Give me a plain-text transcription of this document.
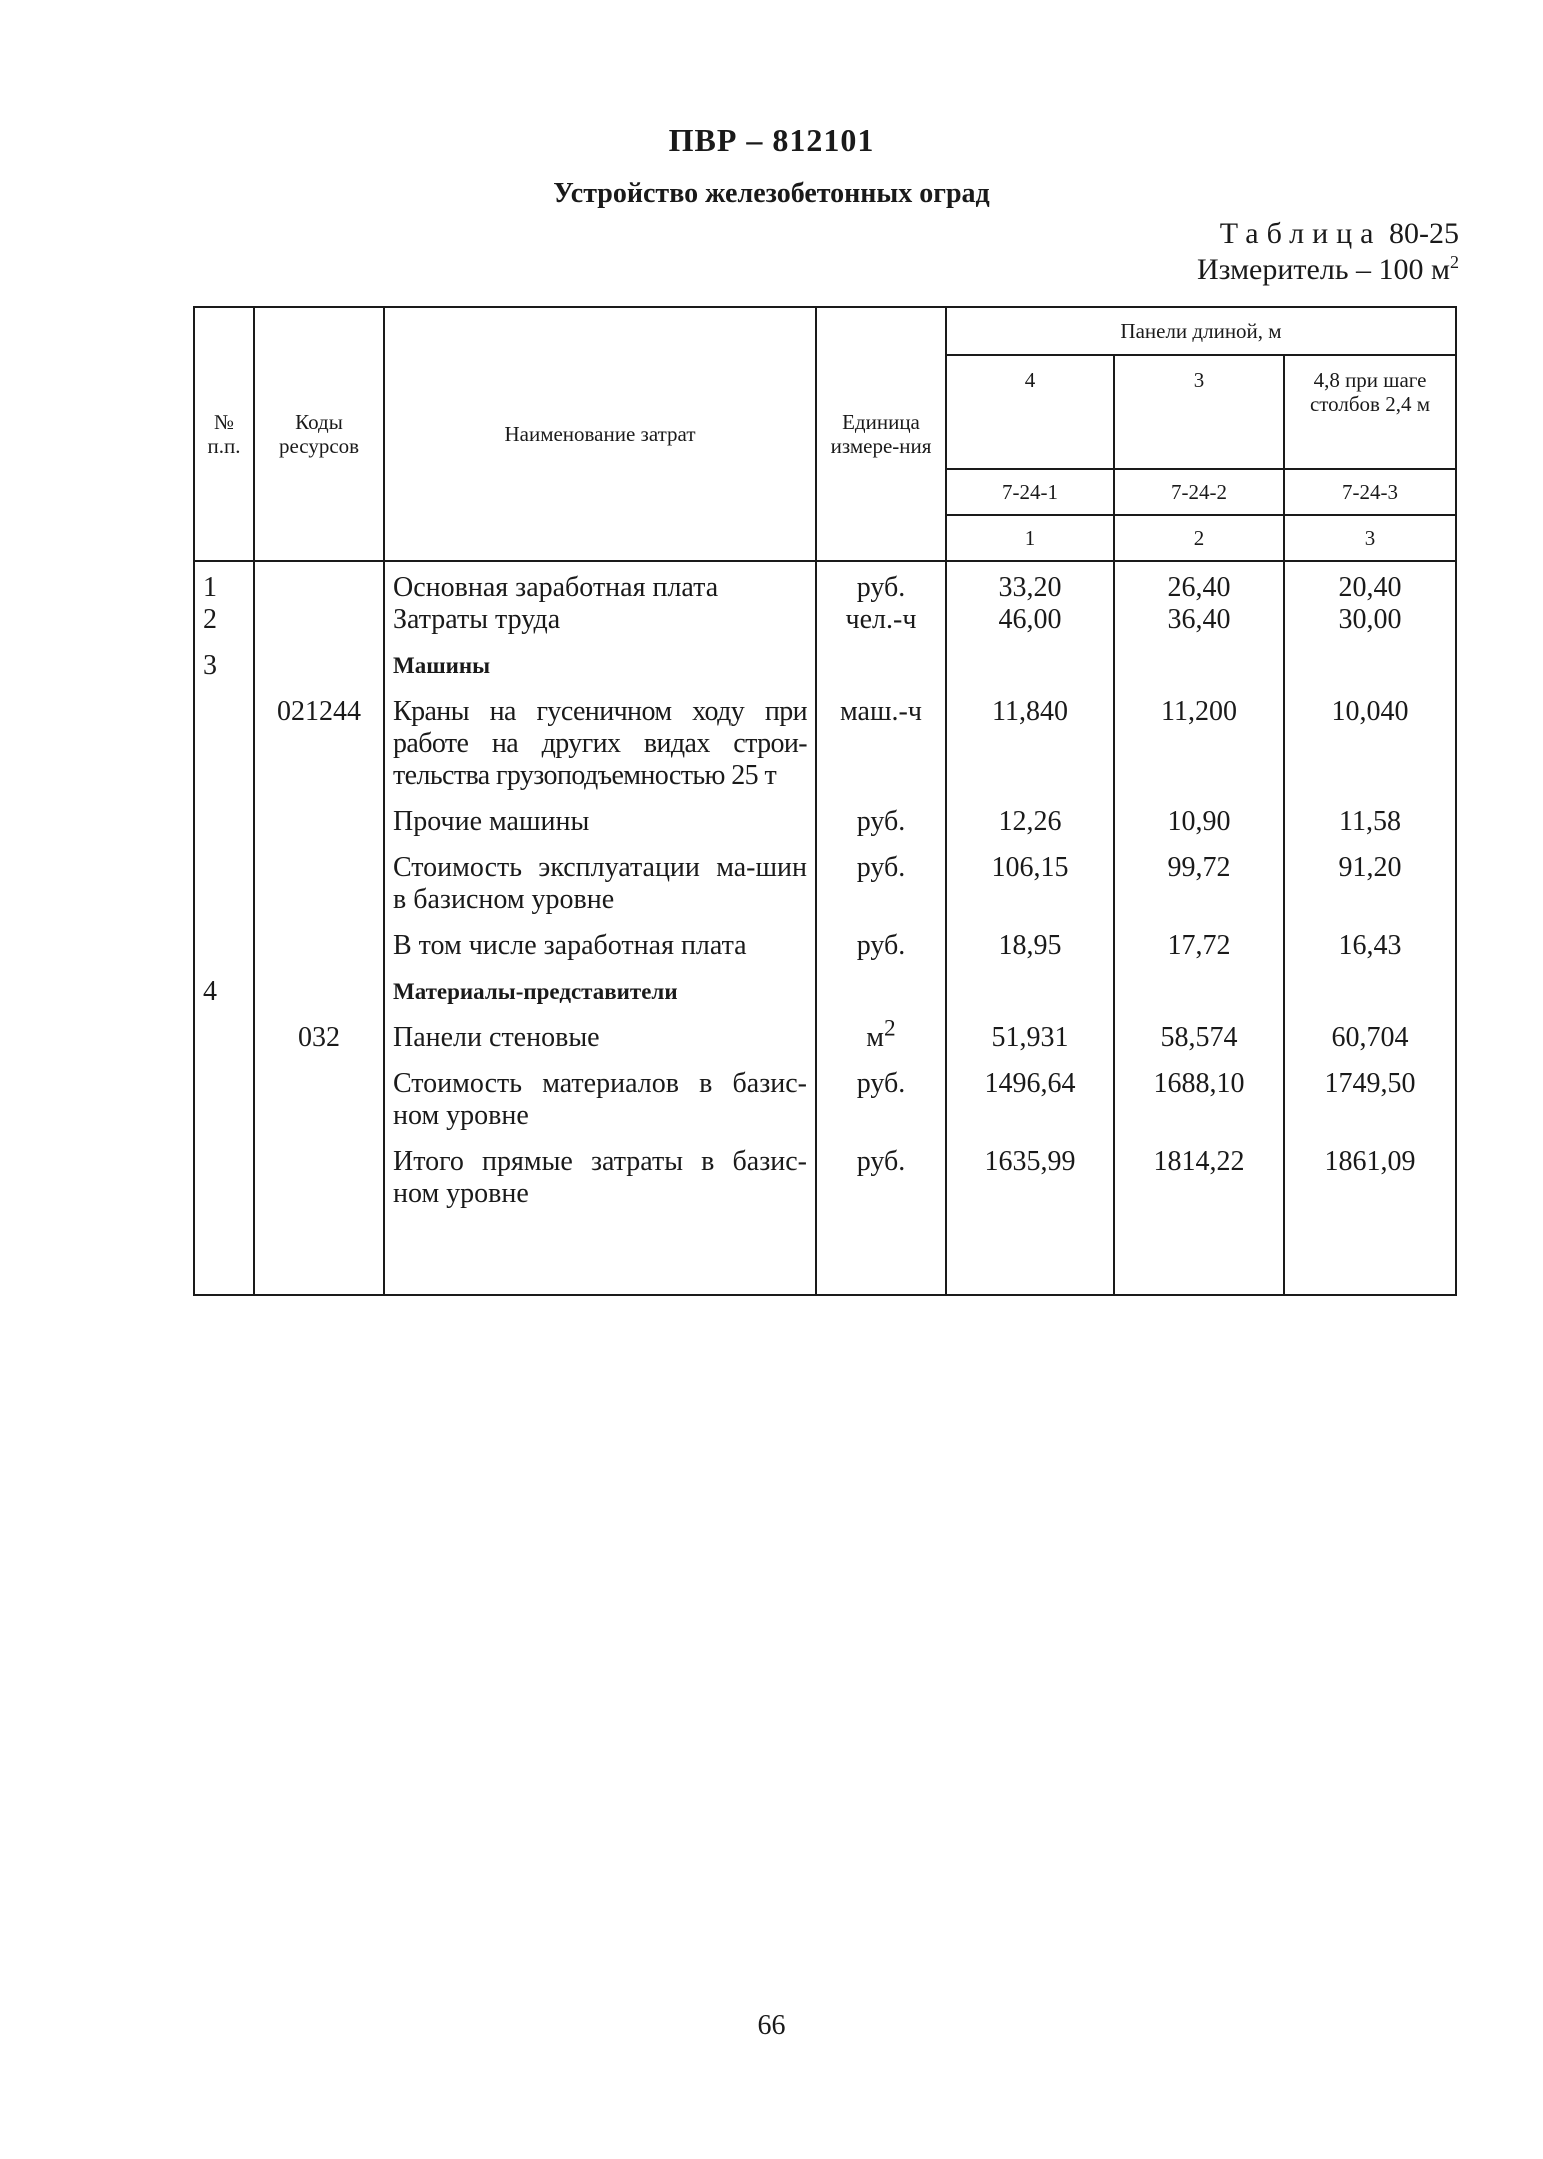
ПВР – 812101
Устройство железобетонных оград
Таблица 80-25
Измеритель – 100 $м^2$
№ п.п.	Коды ресурсов	Наименование затрат	Единица измере-ния	Панели длиной, м		
				4	3	4,8 при шаге столбов 2,4 м
				7-24-1	7-24-2	7-24-3
				1	2	3
1		Основная заработная плата	руб.	33,20	26,40	20,40
2		Затраты труда	чел.-ч	46,00	36,40	30,00
3		Машины				
	021244	Краны на гусеничном ходу при работе на других видах строи-тельства грузоподъемностью 25 т	маш.-ч	11,840	11,200	10,040
		Прочие машины	руб.	12,26	10,90	11,58
		Стоимость эксплуатации ма-шин в базисном уровне	руб.	106,15	99,72	91,20
		В том числе заработная плата	руб.	18,95	17,72	16,43
4		Материалы-представители				
	032	Панели стеновые	$м^2$	51,931	58,574	60,704
		Стоимость материалов в базис-ном уровне	руб.	1496,64	1688,10	1749,50
		Итого прямые затраты в базис-ном уровне	руб.	1635,99	1814,22	1861,09

66
